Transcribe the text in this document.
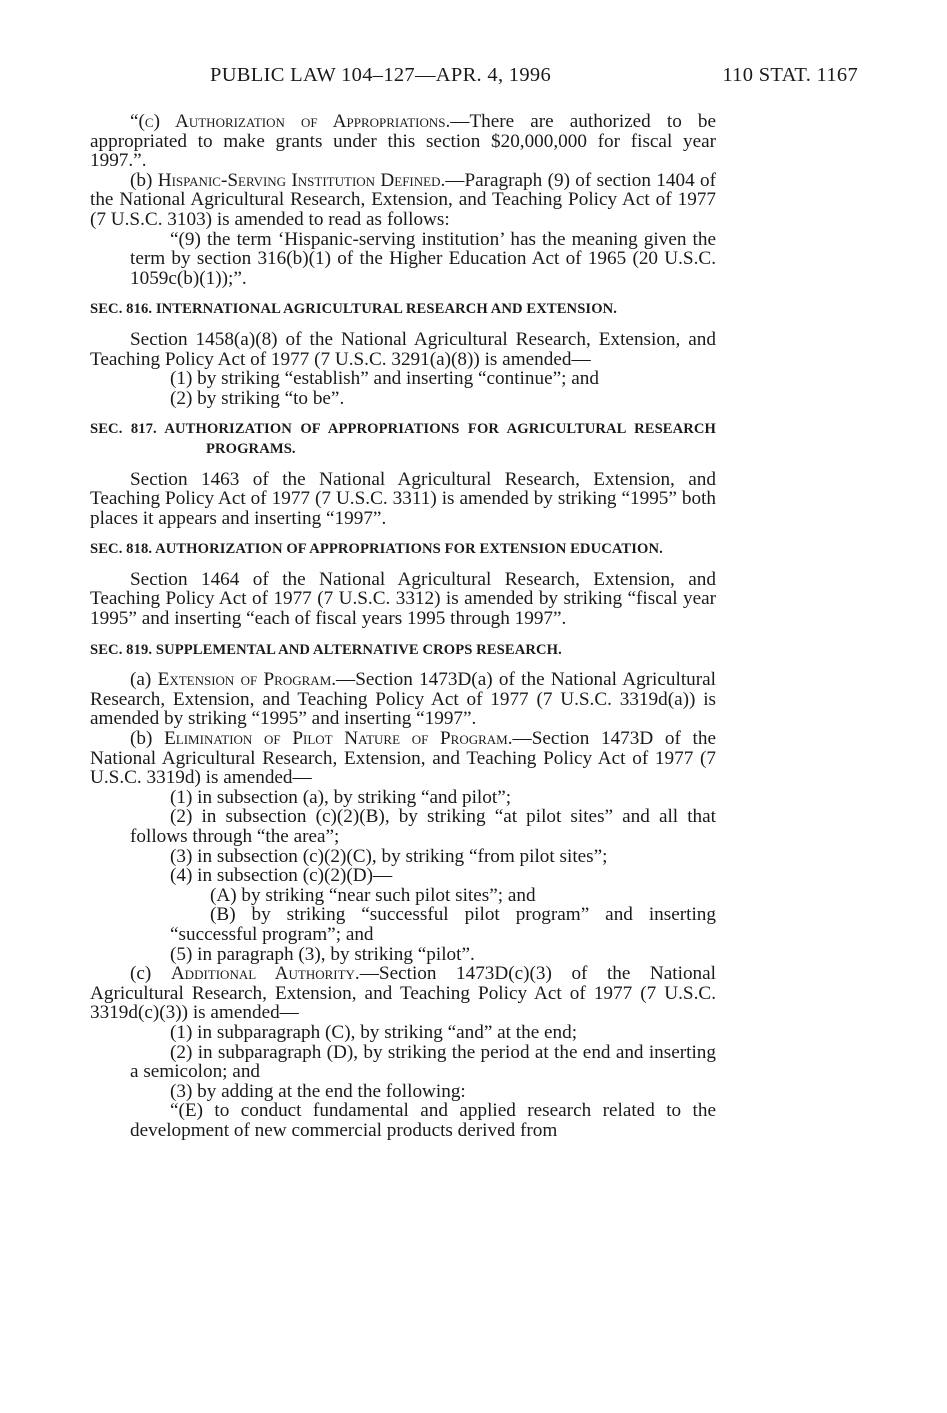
PUBLIC LAW 104–127—APR. 4, 1996	110 STAT. 1167

“(c) Authorization of Appropriations.—There are authorized to be appropriated to make grants under this section $20,000,000 for fiscal year 1997.”.

(b) Hispanic-Serving Institution Defined.—Paragraph (9) of section 1404 of the National Agricultural Research, Extension, and Teaching Policy Act of 1977 (7 U.S.C. 3103) is amended to read as follows:

“(9) the term ‘Hispanic-serving institution’ has the meaning given the term by section 316(b)(1) of the Higher Education Act of 1965 (20 U.S.C. 1059c(b)(1));”.

SEC. 816. INTERNATIONAL AGRICULTURAL RESEARCH AND EXTENSION.

Section 1458(a)(8) of the National Agricultural Research, Extension, and Teaching Policy Act of 1977 (7 U.S.C. 3291(a)(8)) is amended—

(1) by striking “establish” and inserting “continue”; and

(2) by striking “to be”.

SEC. 817. AUTHORIZATION OF APPROPRIATIONS FOR AGRICULTURAL RESEARCH PROGRAMS.

Section 1463 of the National Agricultural Research, Extension, and Teaching Policy Act of 1977 (7 U.S.C. 3311) is amended by striking “1995” both places it appears and inserting “1997”.

SEC. 818. AUTHORIZATION OF APPROPRIATIONS FOR EXTENSION EDUCATION.

Section 1464 of the National Agricultural Research, Extension, and Teaching Policy Act of 1977 (7 U.S.C. 3312) is amended by striking “fiscal year 1995” and inserting “each of fiscal years 1995 through 1997”.

SEC. 819. SUPPLEMENTAL AND ALTERNATIVE CROPS RESEARCH.

(a) Extension of Program.—Section 1473D(a) of the National Agricultural Research, Extension, and Teaching Policy Act of 1977 (7 U.S.C. 3319d(a)) is amended by striking “1995” and inserting “1997”.

(b) Elimination of Pilot Nature of Program.—Section 1473D of the National Agricultural Research, Extension, and Teaching Policy Act of 1977 (7 U.S.C. 3319d) is amended—

(1) in subsection (a), by striking “and pilot”;

(2) in subsection (c)(2)(B), by striking “at pilot sites” and all that follows through “the area”;

(3) in subsection (c)(2)(C), by striking “from pilot sites”;

(4) in subsection (c)(2)(D)—

(A) by striking “near such pilot sites”; and

(B) by striking “successful pilot program” and inserting “successful program”; and

(5) in paragraph (3), by striking “pilot”.

(c) Additional Authority.—Section 1473D(c)(3) of the National Agricultural Research, Extension, and Teaching Policy Act of 1977 (7 U.S.C. 3319d(c)(3)) is amended—

(1) in subparagraph (C), by striking “and” at the end;

(2) in subparagraph (D), by striking the period at the end and inserting a semicolon; and

(3) by adding at the end the following:

“(E) to conduct fundamental and applied research related to the development of new commercial products derived from
